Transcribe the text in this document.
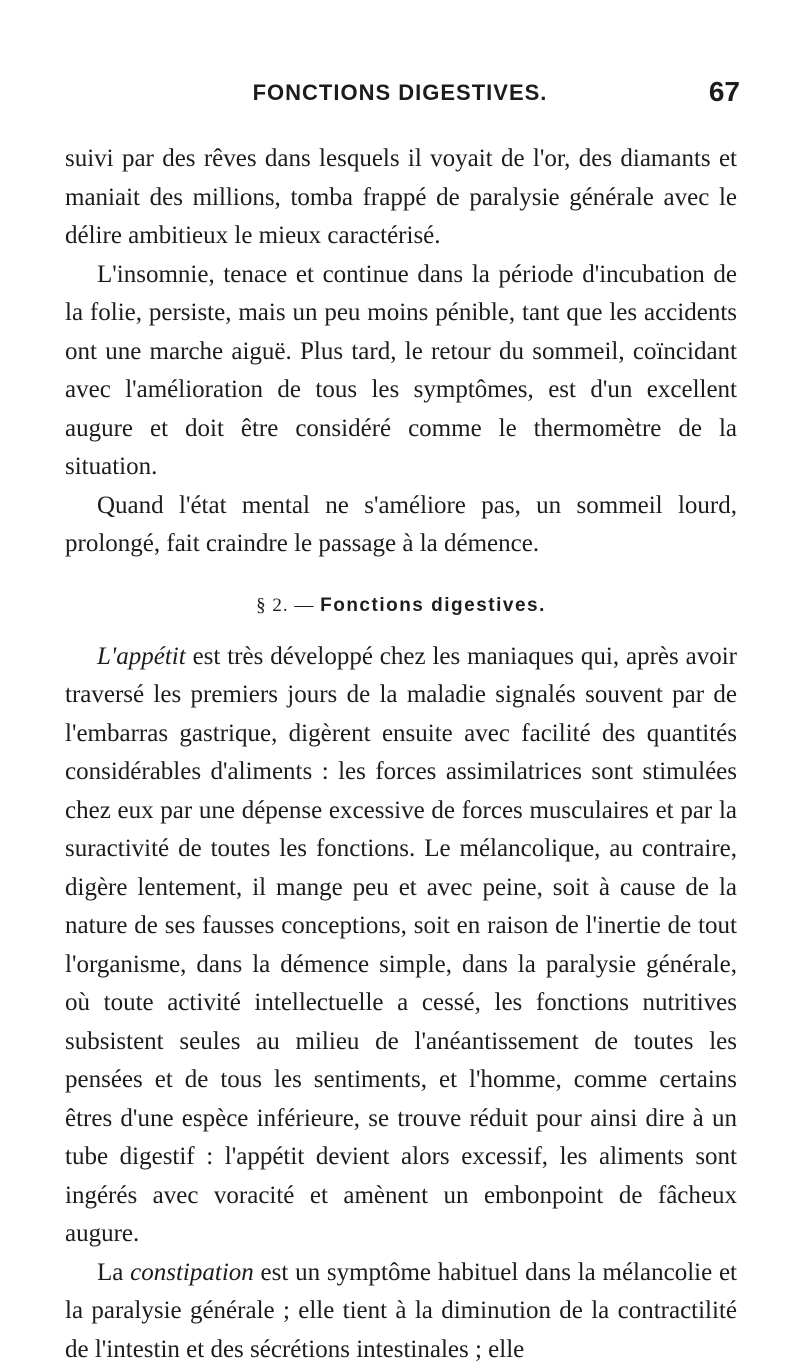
FONCTIONS DIGESTIVES.	67

suivi par des rêves dans lesquels il voyait de l'or, des diamants et maniait des millions, tomba frappé de paralysie générale avec le délire ambitieux le mieux caractérisé.

L'insomnie, tenace et continue dans la période d'incubation de la folie, persiste, mais un peu moins pénible, tant que les accidents ont une marche aiguë. Plus tard, le retour du sommeil, coïncidant avec l'amélioration de tous les symptômes, est d'un excellent augure et doit être considéré comme le thermomètre de la situation.

Quand l'état mental ne s'améliore pas, un sommeil lourd, prolongé, fait craindre le passage à la démence.

§ 2. — Fonctions digestives.

L'appétit est très développé chez les maniaques qui, après avoir traversé les premiers jours de la maladie signalés souvent par de l'embarras gastrique, digèrent ensuite avec facilité des quantités considérables d'aliments : les forces assimilatrices sont stimulées chez eux par une dépense excessive de forces musculaires et par la suractivité de toutes les fonctions. Le mélancolique, au contraire, digère lentement, il mange peu et avec peine, soit à cause de la nature de ses fausses conceptions, soit en raison de l'inertie de tout l'organisme, dans la démence simple, dans la paralysie générale, où toute activité intellectuelle a cessé, les fonctions nutritives subsistent seules au milieu de l'anéantissement de toutes les pensées et de tous les sentiments, et l'homme, comme certains êtres d'une espèce inférieure, se trouve réduit pour ainsi dire à un tube digestif : l'appétit devient alors excessif, les aliments sont ingérés avec voracité et amènent un embonpoint de fâcheux augure.

La constipation est un symptôme habituel dans la mélancolie et la paralysie générale ; elle tient à la diminution de la contractilité de l'intestin et des sécrétions intestinales ; elle
